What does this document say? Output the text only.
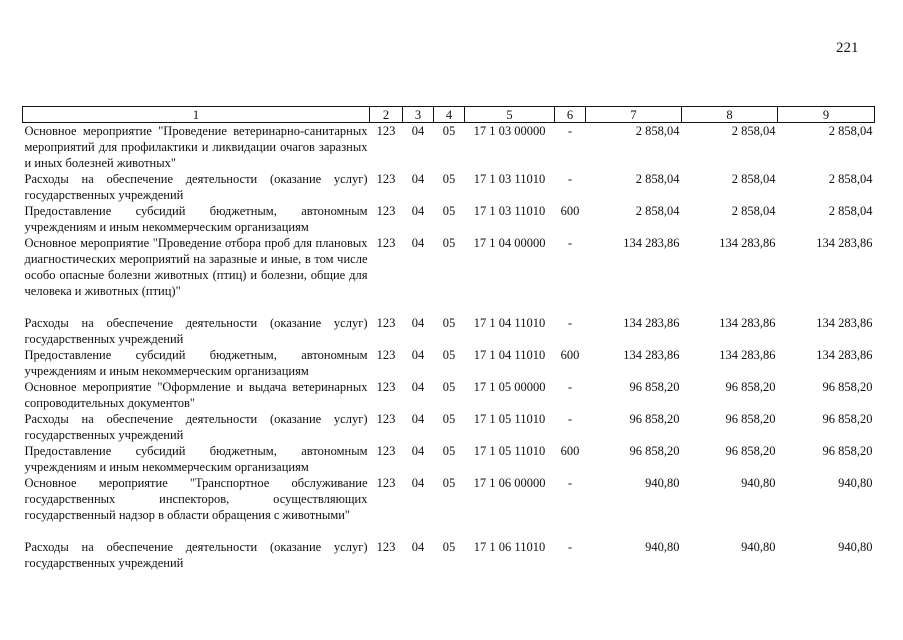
221
1	2	3	4	5	6	7	8	9
Основное мероприятие "Проведение ветеринарно-санитарных мероприятий для профилактики и ликвидации очагов заразных и иных болезней животных"	123	04	05	17 1 03 00000	-	2 858,04	2 858,04	2 858,04
Расходы на обеспечение деятельности (оказание услуг) государственных учреждений	123	04	05	17 1 03 11010	-	2 858,04	2 858,04	2 858,04
Предоставление субсидий бюджетным, автономным учреждениям и иным некоммерческим организациям	123	04	05	17 1 03 11010	600	2 858,04	2 858,04	2 858,04
Основное мероприятие "Проведение отбора проб для плановых диагностических мероприятий на заразные и иные, в том числе особо опасные болезни животных (птиц) и болезни, общие для человека и животных (птиц)"	123	04	05	17 1 04 00000	-	134 283,86	134 283,86	134 283,86
Расходы на обеспечение деятельности (оказание услуг) государственных учреждений	123	04	05	17 1 04 11010	-	134 283,86	134 283,86	134 283,86
Предоставление субсидий бюджетным, автономным учреждениям и иным некоммерческим организациям	123	04	05	17 1 04 11010	600	134 283,86	134 283,86	134 283,86
Основное мероприятие "Оформление и выдача ветеринарных сопроводительных документов"	123	04	05	17 1 05 00000	-	96 858,20	96 858,20	96 858,20
Расходы на обеспечение деятельности (оказание услуг) государственных учреждений	123	04	05	17 1 05 11010	-	96 858,20	96 858,20	96 858,20
Предоставление субсидий бюджетным, автономным учреждениям и иным некоммерческим организациям	123	04	05	17 1 05 11010	600	96 858,20	96 858,20	96 858,20
Основное мероприятие "Транспортное обслуживание государственных инспекторов, осуществляющих государственный надзор в области обращения с животными"	123	04	05	17 1 06 00000	-	940,80	940,80	940,80
Расходы на обеспечение деятельности (оказание услуг) государственных учреждений	123	04	05	17 1 06 11010	-	940,80	940,80	940,80
